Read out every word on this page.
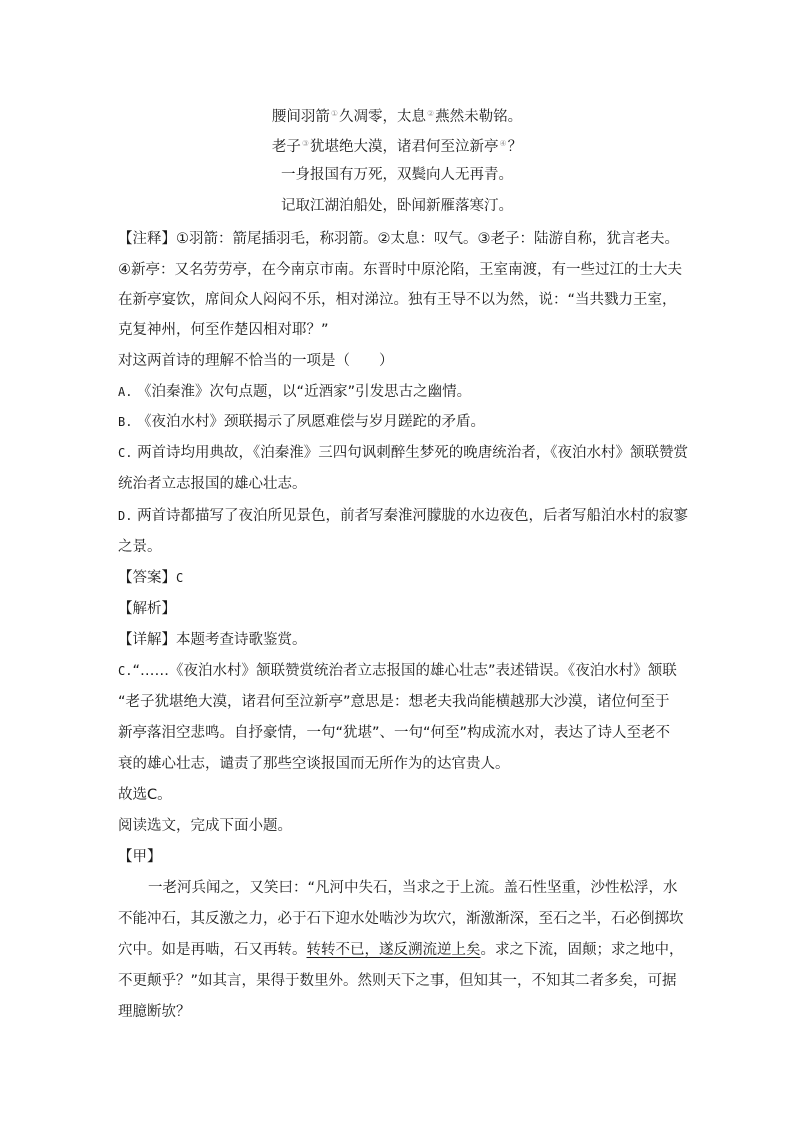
腰间羽箭①久凋零，太息②燕然未勒铭。
老子③犹堪绝大漠，诸君何至泣新亭④？
一身报国有万死，双鬓向人无再青。
记取江湖泊船处，卧闻新雁落寒汀。
【注释】①羽箭：箭尾插羽毛，称羽箭。②太息：叹气。③老子：陆游自称，犹言老夫。
④新亭：又名劳劳亭，在今南京市南。东晋时中原沦陷，王室南渡，有一些过江的士大夫
在新亭宴饮，席间众人闷闷不乐，相对涕泣。独有王导不以为然，说：“当共戮力王室，
克复神州，何至作楚囚相对耶？”
对这两首诗的理解不恰当的一项是（　　）
A. 《泊秦淮》次句点题，以“近酒家”引发思古之幽情。
B. 《夜泊水村》颈联揭示了夙愿难偿与岁月蹉跎的矛盾。
C. 两首诗均用典故，《泊秦淮》三四句讽刺醉生梦死的晚唐统治者，《夜泊水村》颔联赞赏
统治者立志报国的雄心壮志。
D. 两首诗都描写了夜泊所见景色，前者写秦淮河朦胧的水边夜色，后者写船泊水村的寂寥
之景。
【答案】C
【解析】
【详解】本题考查诗歌鉴赏。
C.“……《夜泊水村》颔联赞赏统治者立志报国的雄心壮志”表述错误。《夜泊水村》颔联
“老子犹堪绝大漠，诸君何至泣新亭”意思是：想老夫我尚能横越那大沙漠，诸位何至于
新亭落泪空悲鸣。自抒豪情，一句“犹堪”、一句“何至”构成流水对，表达了诗人至老不
衰的雄心壮志，谴责了那些空谈报国而无所作为的达官贵人。
故选C。
阅读选文，完成下面小题。
【甲】
一老河兵闻之，又笑曰：“凡河中失石，当求之于上流。盖石性坚重，沙性松浮，水
不能冲石，其反激之力，必于石下迎水处啮沙为坎穴，渐激渐深，至石之半，石必倒掷坎
穴中。如是再啮，石又再转。转转不已，遂反溯流逆上矣。求之下流，固颠；求之地中，
不更颠乎？”如其言，果得于数里外。然则天下之事，但知其一，不知其二者多矣，可据
理臆断欤？
